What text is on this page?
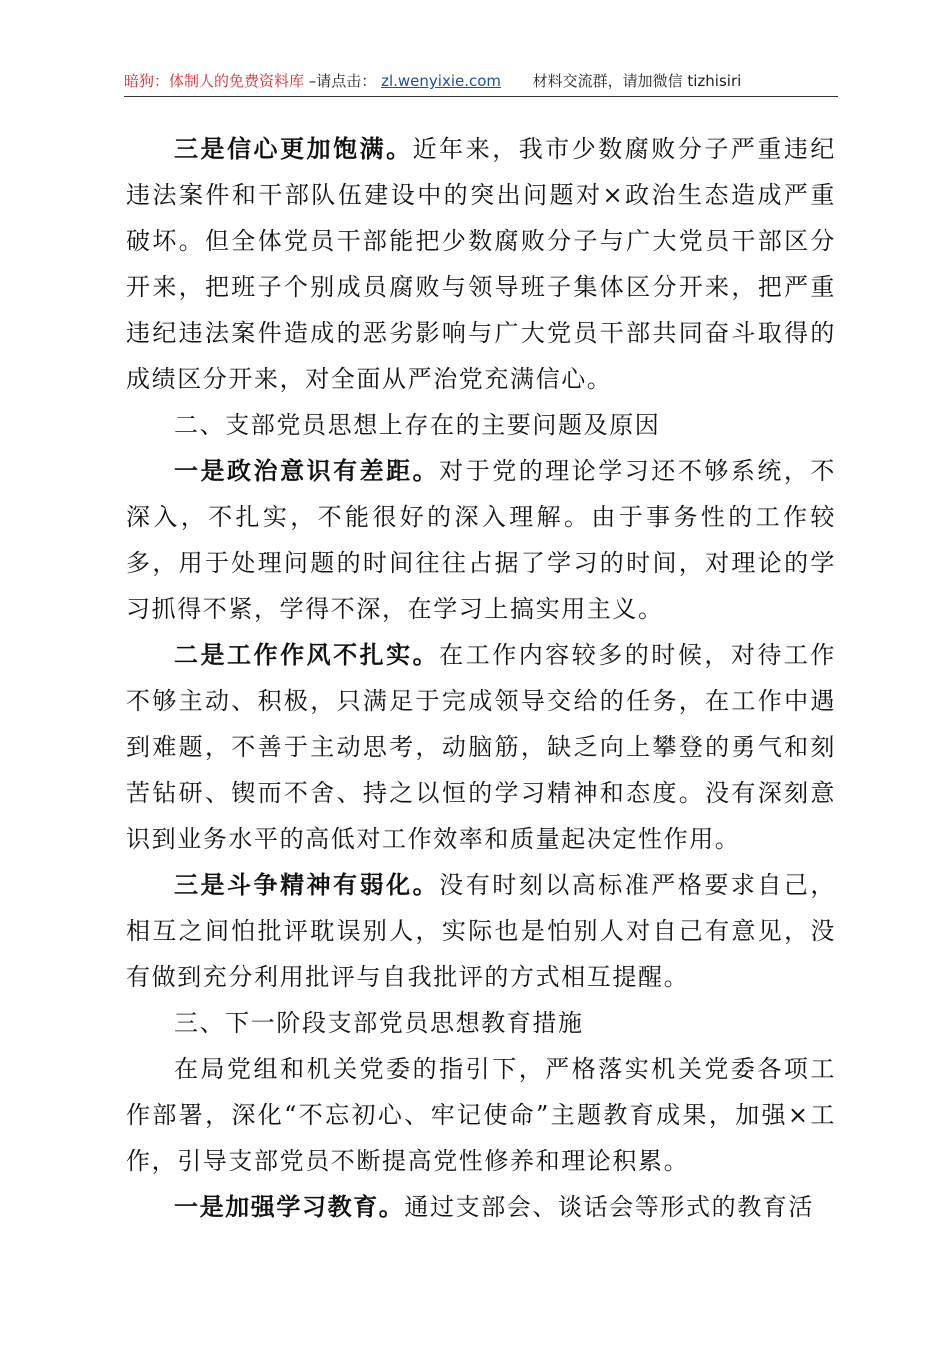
暗狗：体制人的免费资料库 –请点击： zl.wenyixie.com 材料交流群，请加微信 tizhisiri

三是信心更加饱满。近年来，我市少数腐败分子严重违纪违法案件和干部队伍建设中的突出问题对×政治生态造成严重破坏。但全体党员干部能把少数腐败分子与广大党员干部区分开来，把班子个别成员腐败与领导班子集体区分开来，把严重违纪违法案件造成的恶劣影响与广大党员干部共同奋斗取得的成绩区分开来，对全面从严治党充满信心。

二、支部党员思想上存在的主要问题及原因

一是政治意识有差距。对于党的理论学习还不够系统，不深入，不扎实，不能很好的深入理解。由于事务性的工作较多，用于处理问题的时间往往占据了学习的时间，对理论的学习抓得不紧，学得不深，在学习上搞实用主义。

二是工作作风不扎实。在工作内容较多的时候，对待工作不够主动、积极，只满足于完成领导交给的任务，在工作中遇到难题，不善于主动思考，动脑筋，缺乏向上攀登的勇气和刻苦钻研、锲而不舍、持之以恒的学习精神和态度。没有深刻意识到业务水平的高低对工作效率和质量起决定性作用。

三是斗争精神有弱化。没有时刻以高标准严格要求自己，相互之间怕批评耽误别人，实际也是怕别人对自己有意见，没有做到充分利用批评与自我批评的方式相互提醒。

三、下一阶段支部党员思想教育措施

在局党组和机关党委的指引下，严格落实机关党委各项工作部署，深化“不忘初心、牢记使命”主题教育成果，加强×工作，引导支部党员不断提高党性修养和理论积累。

一是加强学习教育。通过支部会、谈话会等形式的教育活
